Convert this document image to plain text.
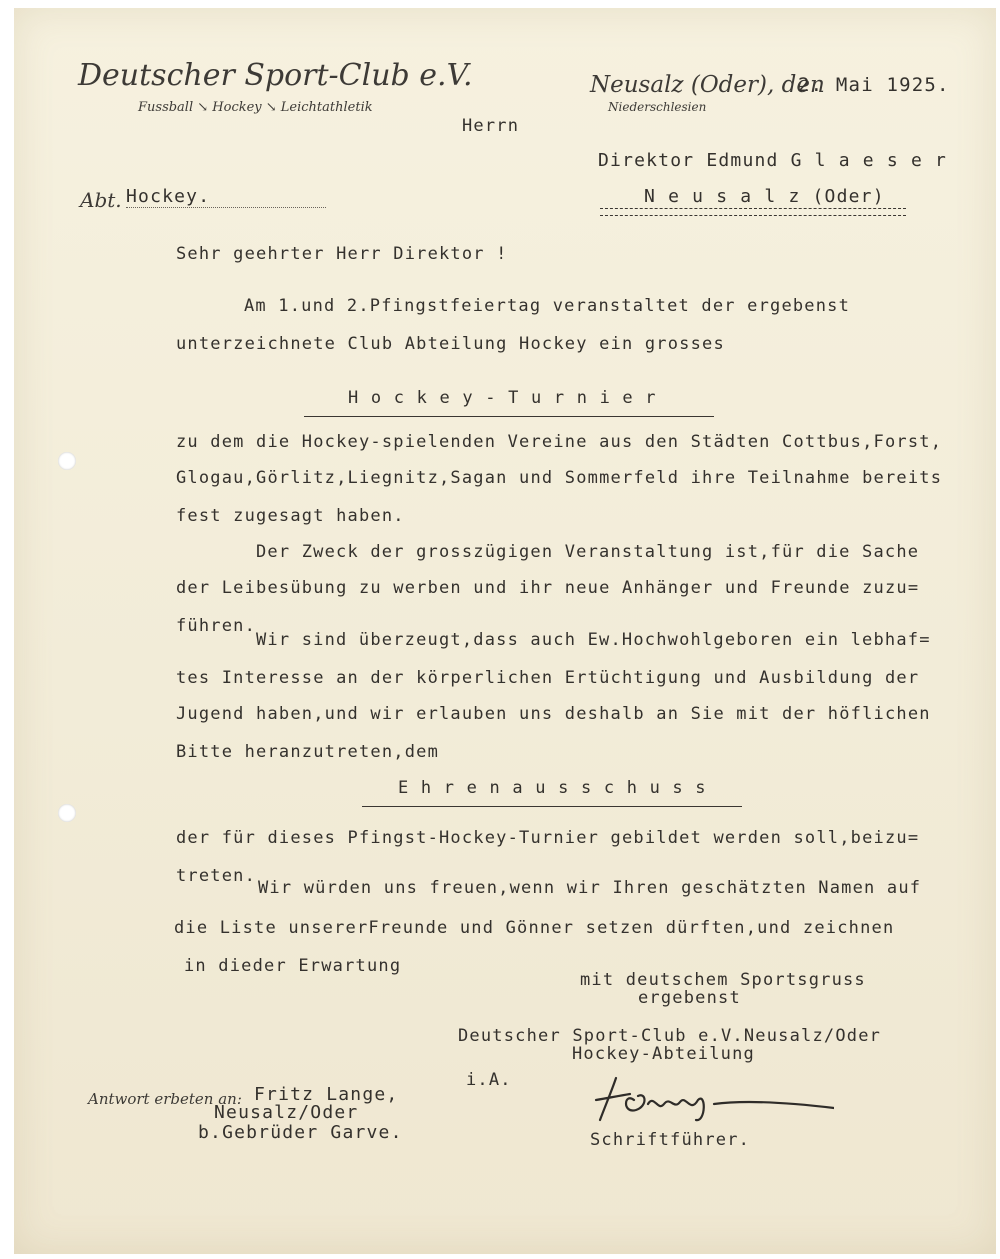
Deutscher Sport-Club e.V.
Fussball ↘ Hockey ↘ Leichtathletik
Abt. Hockey.
Neusalz (Oder), den
Niederschlesien
2. Mai 1925.
Herrn
Direktor Edmund G l a e s e r
N e u s a l z (Oder)
Sehr geehrter Herr Direktor !
Am 1.und 2.Pfingstfeiertag veranstaltet der ergebenst
unterzeichnete Club Abteilung Hockey ein grosses
H o c k e y - T u r n i e r
zu dem die Hockey-spielenden Vereine aus den Städten Cottbus,Forst,
Glogau,Görlitz,Liegnitz,Sagan und Sommerfeld ihre Teilnahme bereits
fest zugesagt haben.
Der Zweck der grosszügigen Veranstaltung ist,für die Sache
der Leibesübung zu werben und ihr neue Anhänger und Freunde zuzu=
führen.
Wir sind überzeugt,dass auch Ew.Hochwohlgeboren ein lebhaf=
tes Interesse an der körperlichen Ertüchtigung und Ausbildung der
Jugend haben,und wir erlauben uns deshalb an Sie mit der höflichen
Bitte heranzutreten,dem
E h r e n a u s s c h u s s
der für dieses Pfingst-Hockey-Turnier gebildet werden soll,beizu=
treten.
Wir würden uns freuen,wenn wir Ihren geschätzten Namen auf
die Liste unsererFreunde und Gönner setzen dürften,und zeichnen
in dieder Erwartung
mit deutschem Sportsgruss
ergebenst
Deutscher Sport-Club e.V.Neusalz/Oder
Hockey-Abteilung
i.A.
Schriftführer.
Antwort erbeten an: Fritz Lange,
Neusalz/Oder
b.Gebrüder Garve.
